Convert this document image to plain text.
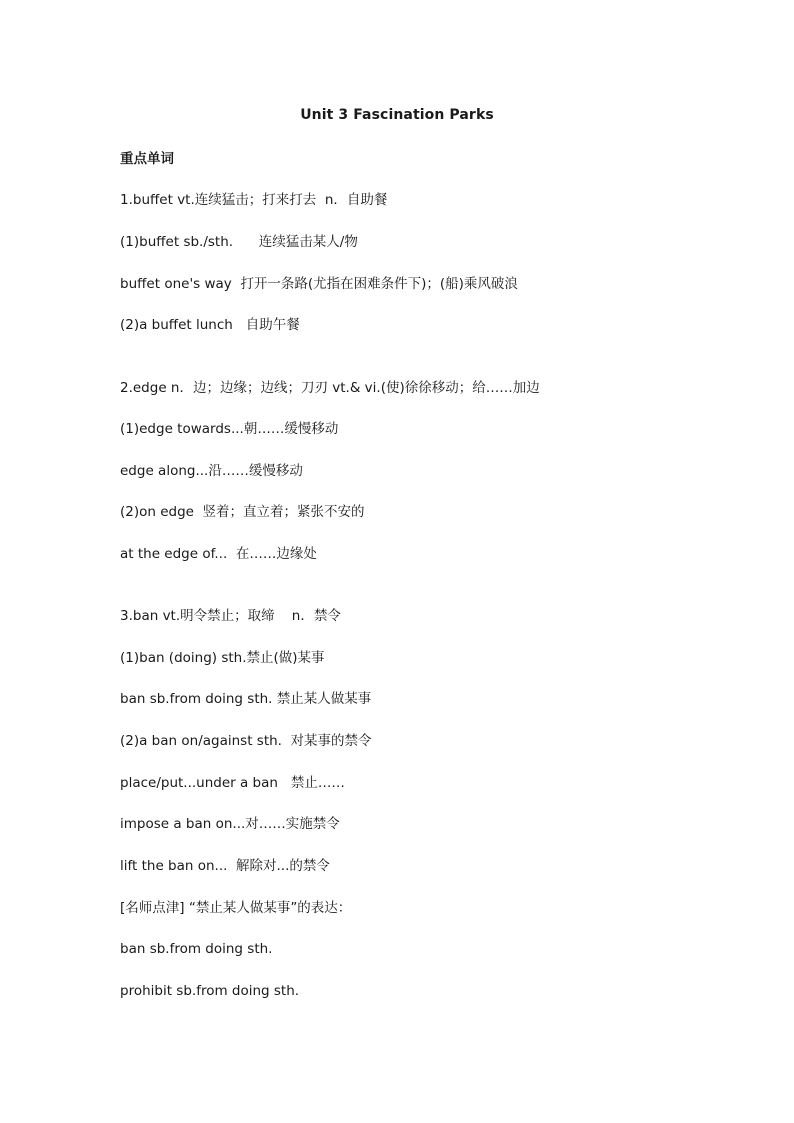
Unit 3 Fascination Parks
重点单词
1.buffet vt.连续猛击；打来打去  n．自助餐
(1)buffet sb./sth.      连续猛击某人/物
buffet one's way  打开一条路(尤指在困难条件下)；(船)乘风破浪
(2)a buffet lunch   自助午餐
2.edge n．边；边缘；边线；刀刃 vt.& vi.(使)徐徐移动；给……加边
(1)edge towards...朝……缓慢移动
edge along...沿……缓慢移动
(2)on edge  竖着；直立着；紧张不安的
at the edge of...  在……边缘处
3.ban vt.明令禁止；取缔    n．禁令
(1)ban (doing) sth.禁止(做)某事
ban sb.from doing sth. 禁止某人做某事
(2)a ban on/against sth.  对某事的禁令
place/put...under a ban   禁止……
impose a ban on...对……实施禁令
lift the ban on...  解除对...的禁令
[名师点津] “禁止某人做某事”的表达：
ban sb.from doing sth.
prohibit sb.from doing sth.
